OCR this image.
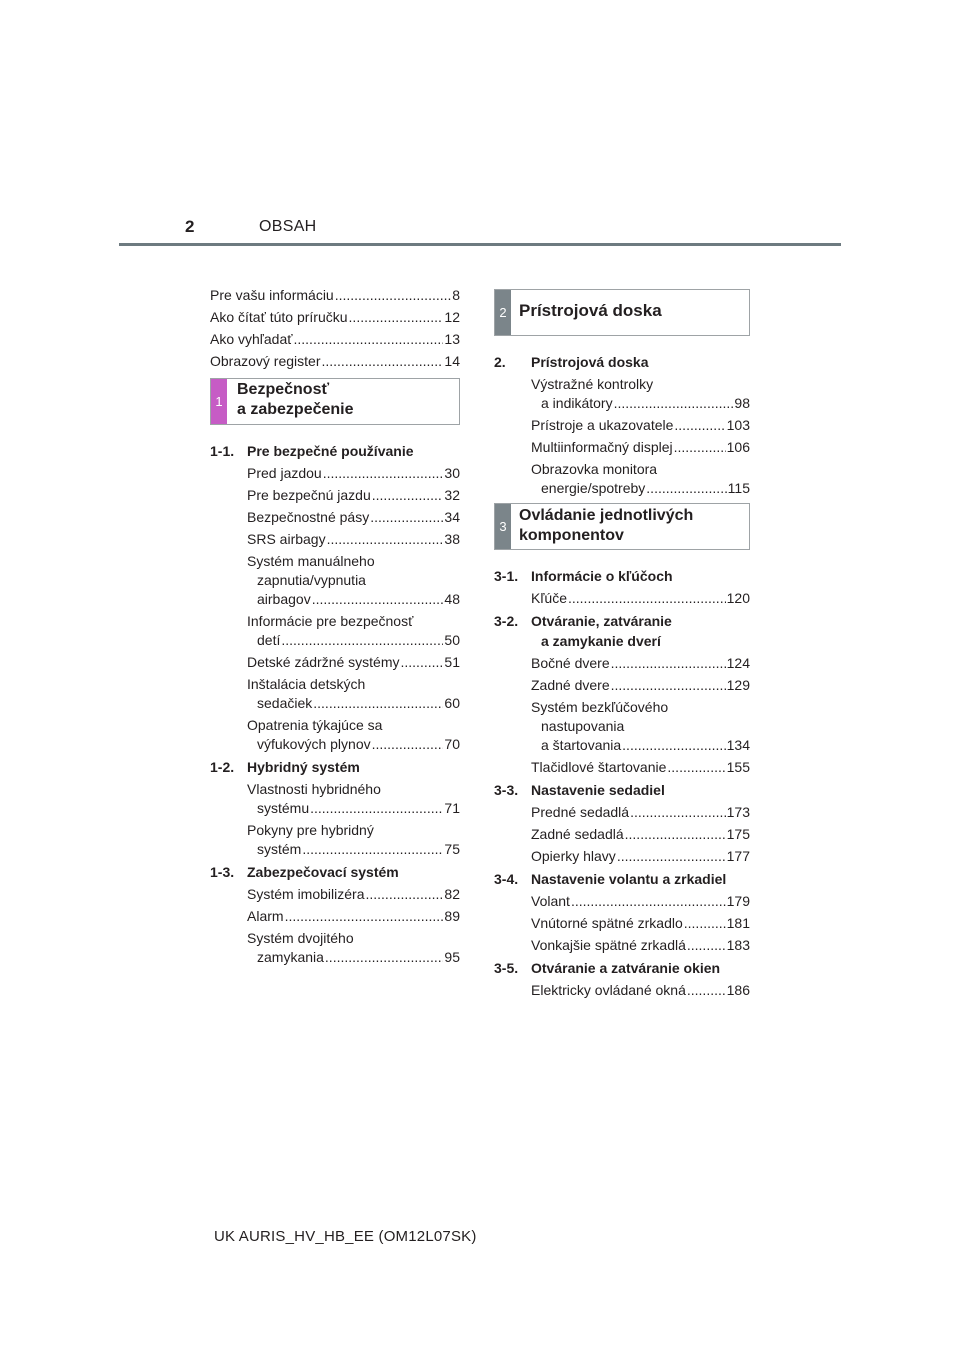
2	OBSAH
Pre vašu informáciu .....	8
Ako čítať túto príručku .....	12
Ako vyhľadať .....	13
Obrazový register .....	14
1
Bezpečnosť
a zabezpečenie
1-1. Pre bezpečné používanie
Pred jazdou .....	30
Pre bezpečnú jazdu .....	32
Bezpečnostné pásy .....	34
SRS airbagy .....	38
Systém manuálneho
zapnutia/vypnutia
airbagov .....	48
Informácie pre bezpečnosť
detí .....	50
Detské zádržné systémy .....	51
Inštalácia detských
sedačiek .....	60
Opatrenia týkajúce sa
výfukových plynov .....	70
1-2. Hybridný systém
Vlastnosti hybridného
systému .....	71
Pokyny pre hybridný
systém .....	75
1-3. Zabezpečovací systém
Systém imobilizéra .....	82
Alarm .....	89
Systém dvojitého
zamykania .....	95
2 Prístrojová doska
2.	Prístrojová doska
Výstražné kontrolky
a indikátory .....	98
Prístroje a ukazovatele .....	103
Multiinformačný displej .....	106
Obrazovka monitora
energie/spotreby .....	115
3
Ovládanie jednotlivých
komponentov
3-1. Informácie o kľúčoch
Kľúče .....	120
3-2. Otváranie, zatváranie
a zamykanie dverí
Bočné dvere .....	124
Zadné dvere .....	129
Systém bezkľúčového
nastupovania
a štartovania .....	134
Tlačidlové štartovanie .....	155
3-3. Nastavenie sedadiel
Predné sedadlá .....	173
Zadné sedadlá .....	175
Opierky hlavy .....	177
3-4. Nastavenie volantu a zrkadiel
Volant .....	179
Vnútorné spätné zrkadlo .....	181
Vonkajšie spätné zrkadlá .....	183
3-5. Otváranie a zatváranie okien
Elektricky ovládané okná .....	186
UK AURIS_HV_HB_EE (OM12L07SK)
